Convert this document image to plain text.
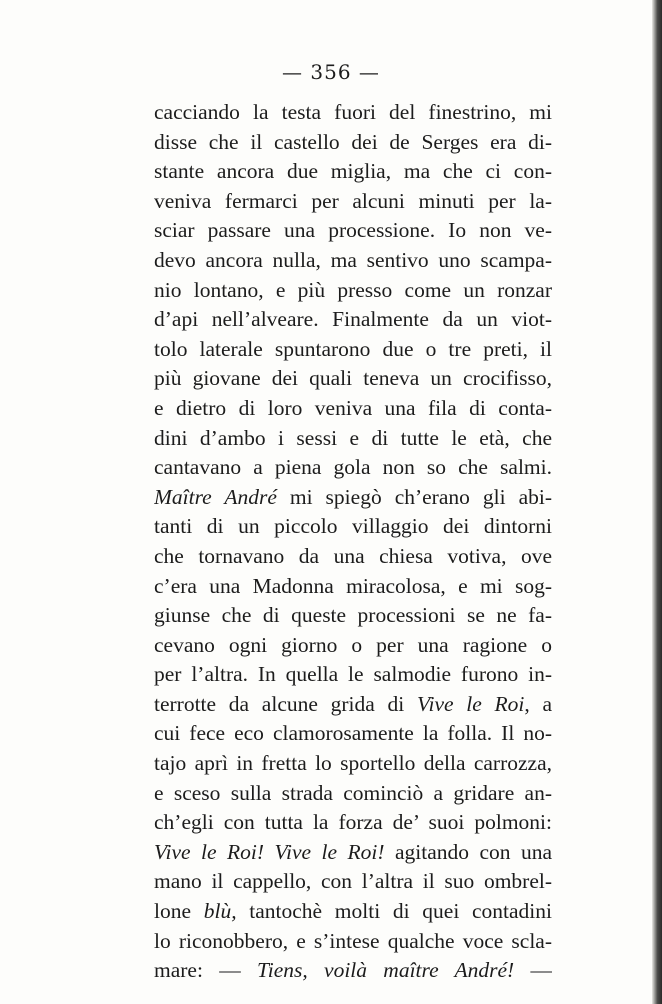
— 356 —
cacciando la testa fuori del finestrino, mi
disse che il castello dei de Serges era di-
stante ancora due miglia, ma che ci con-
veniva fermarci per alcuni minuti per la-
sciar passare una processione. Io non ve-
devo ancora nulla, ma sentivo uno scampa-
nio lontano, e più presso come un ronzar
d’api nell’alveare. Finalmente da un viot-
tolo laterale spuntarono due o tre preti, il
più giovane dei quali teneva un crocifisso,
e dietro di loro veniva una fila di conta-
dini d’ambo i sessi e di tutte le età, che
cantavano a piena gola non so che salmi.
Maître André mi spiegò ch’erano gli abi-
tanti di un piccolo villaggio dei dintorni
che tornavano da una chiesa votiva, ove
c’era una Madonna miracolosa, e mi sog-
giunse che di queste processioni se ne fa-
cevano ogni giorno o per una ragione o
per l’altra. In quella le salmodie furono in-
terrotte da alcune grida di Vive le Roi, a
cui fece eco clamorosamente la folla. Il no-
tajo aprì in fretta lo sportello della carrozza,
e sceso sulla strada cominciò a gridare an-
ch’egli con tutta la forza de’ suoi polmoni:
Vive le Roi! Vive le Roi! agitando con una
mano il cappello, con l’altra il suo ombrel-
lone blù, tantochè molti di quei contadini
lo riconobbero, e s’intese qualche voce scla-
mare: — Tiens, voilà maître André! —
